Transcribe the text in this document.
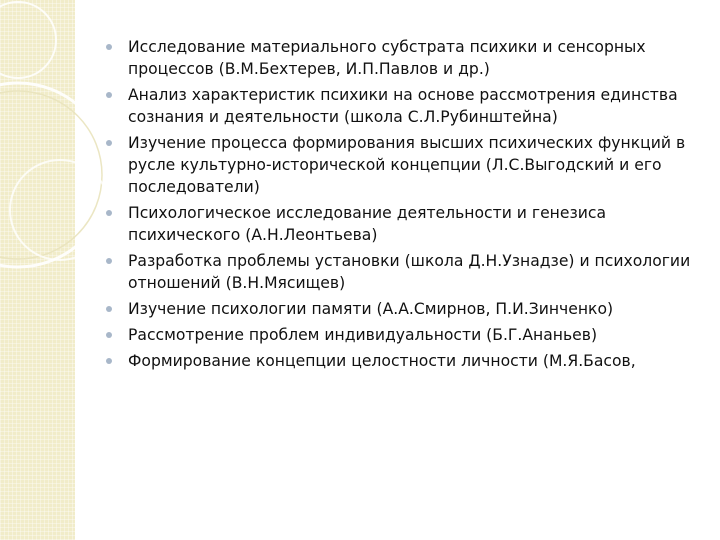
Исследование материального субстрата психики и сенсорных процессов (В.М.Бехтерев, И.П.Павлов и др.)
Анализ характеристик психики на основе рассмотрения единства сознания и деятельности (школа С.Л.Рубинштейна)
Изучение процесса формирования высших психических функций в русле культурно-исторической концепции (Л.С.Выгодский и его последователи)
Психологическое исследование деятельности и генезиса психического (А.Н.Леонтьева)
Разработка проблемы установки (школа Д.Н.Узнадзе) и психологии отношений (В.Н.Мясищев)
Изучение психологии памяти (А.А.Смирнов, П.И.Зинченко)
Рассмотрение проблем индивидуальности (Б.Г.Ананьев)
Формирование концепции целостности личности (М.Я.Басов,
